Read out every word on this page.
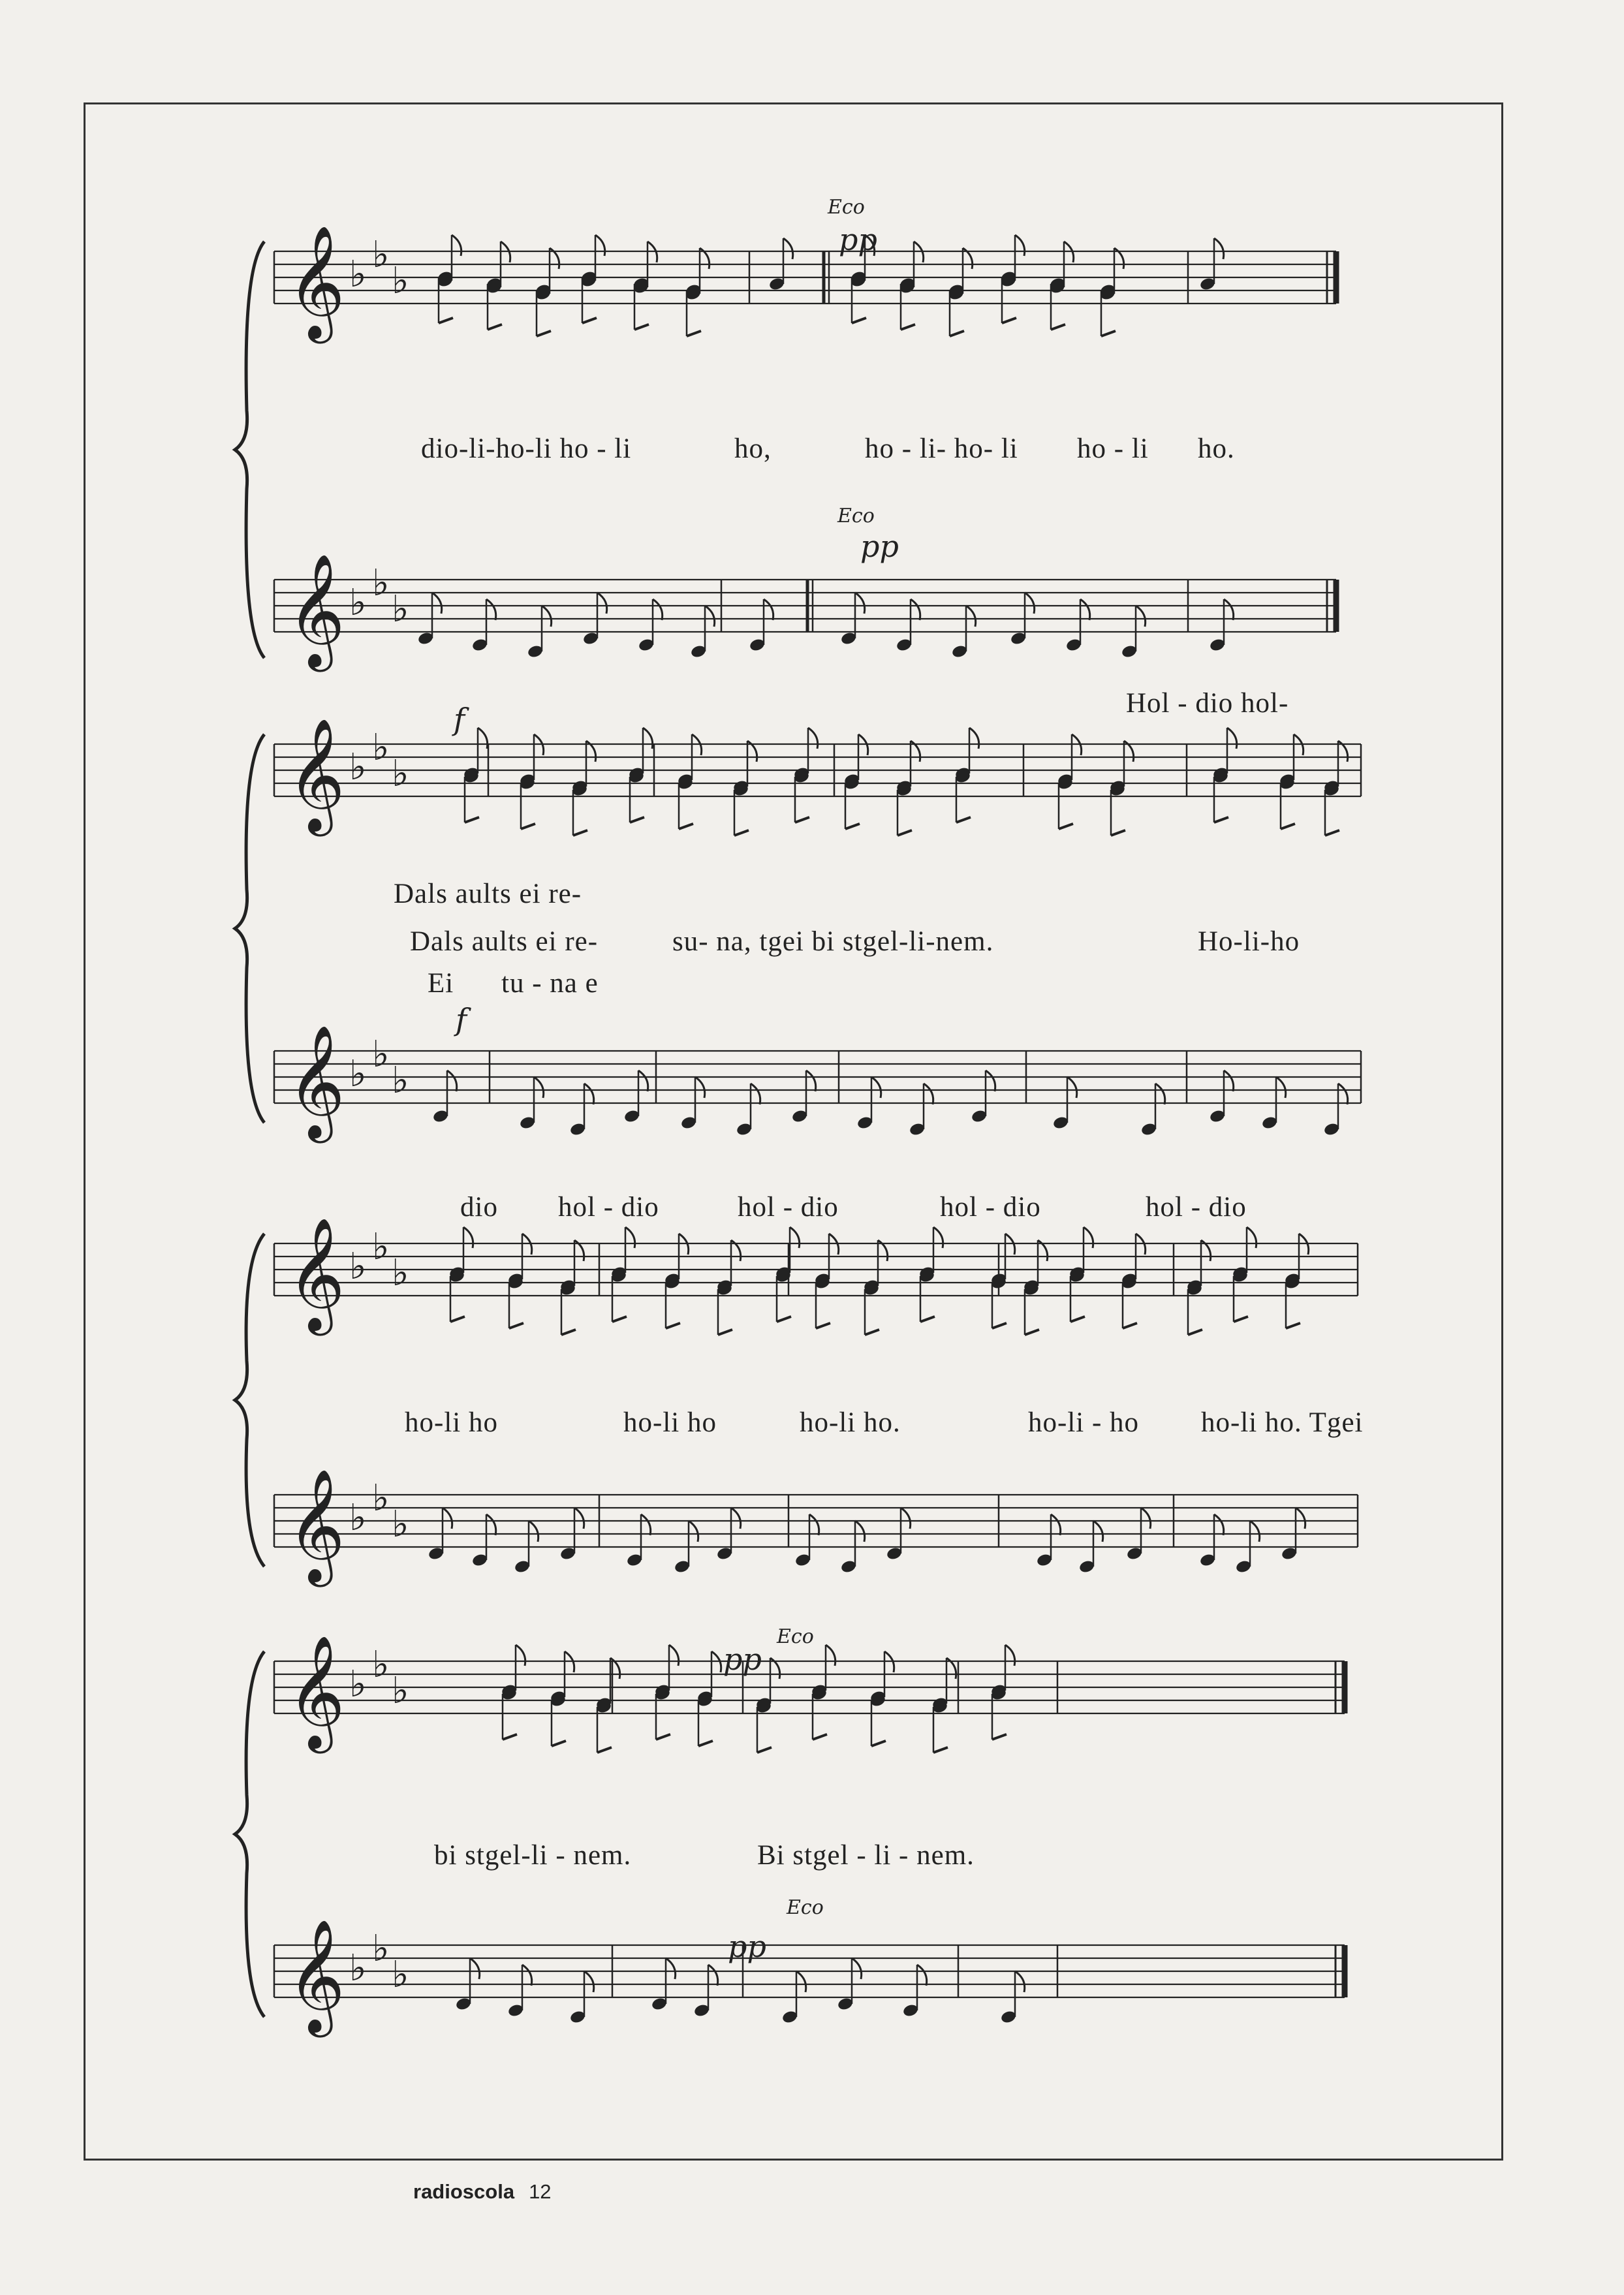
𝄞 ♭ ♭
♭
𝄞 ♭ ♭
♭
𝄞 ♭ ♭
♭
𝄞 ♭ ♭
♭
𝄞 ♭ ♭
♭
𝄞 ♭ ♭
♭
𝄞 ♭ ♭
♭
𝄞 ♭ ♭
♭
Eco
pp
dio-li-ho-li ho - li	ho,	ho - li- ho- li ho - li ho.
Eco
pp
Hol - dio hol-
f
Dals aults ei re-
Dals aults ei re-	su- na, tgei bi stgel-li-nem.	Ho-li-ho
Ei tu - na e
f
dio hol - dio	hol - dio	hol - dio	hol - dio
ho-li ho	ho-li ho	ho-li ho.	ho-li - ho ho-li ho. Tgei
pp
Eco
bi stgel-li - nem.	Bi stgel - li - nem.
pp
Eco
radioscola 12
